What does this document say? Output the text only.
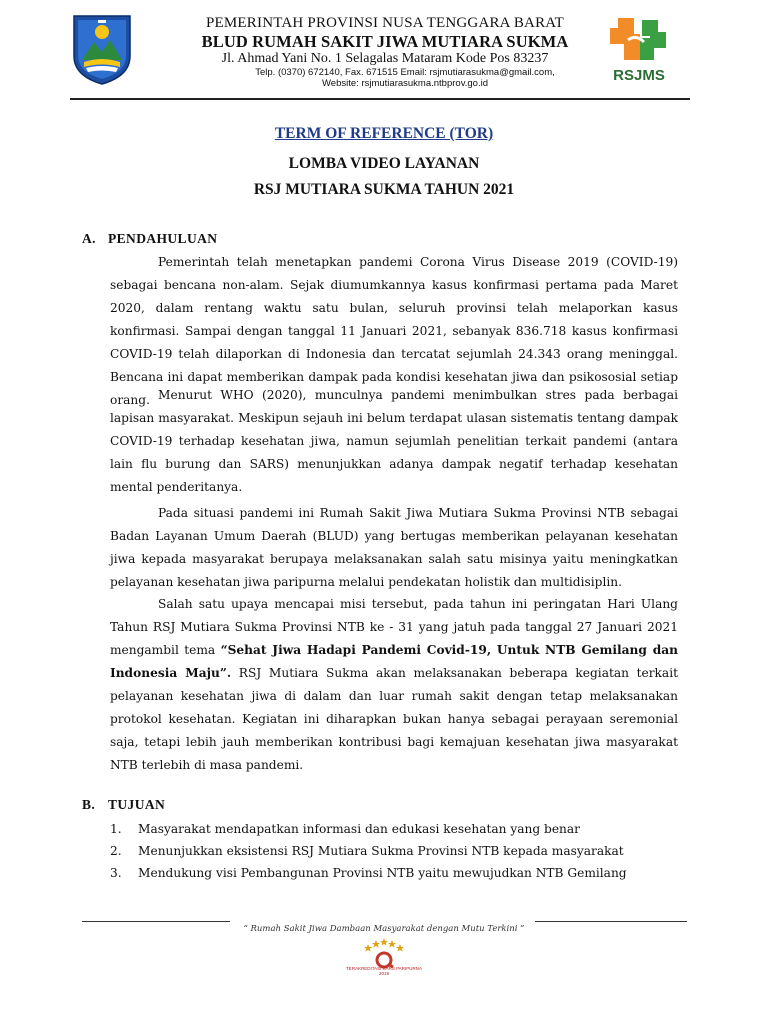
PEMERINTAH PROVINSI NUSA TENGGARA BARAT
BLUD RUMAH SAKIT JIWA MUTIARA SUKMA
Jl. Ahmad Yani No. 1 Selagalas Mataram Kode Pos 83237
Telp. (0370) 672140, Fax. 671515 Email: rsjmutiarasukma@gmail.com,
Website: rsjmutiarasukma.ntbprov.go.id	RSJMS
TERM OF REFERENCE (TOR)
LOMBA VIDEO LAYANAN
RSJ MUTIARA SUKMA TAHUN 2021
A. PENDAHULUAN

Pemerintah telah menetapkan pandemi Corona Virus Disease 2019 (COVID-19) sebagai bencana non-alam. Sejak diumumkannya kasus konfirmasi pertama pada Maret 2020, dalam rentang waktu satu bulan, seluruh provinsi telah melaporkan kasus konfirmasi. Sampai dengan tanggal 11 Januari 2021, sebanyak 836.718 kasus konfirmasi COVID-19 telah dilaporkan di Indonesia dan tercatat sejumlah 24.343 orang meninggal. Bencana ini dapat memberikan dampak pada kondisi kesehatan jiwa dan psikososial setiap orang. Menurut WHO (2020), munculnya pandemi menimbulkan stres pada berbagai lapisan masyarakat. Meskipun sejauh ini belum terdapat ulasan sistematis tentang dampak COVID-19 terhadap kesehatan jiwa, namun sejumlah penelitian terkait pandemi (antara lain flu burung dan SARS) menunjukkan adanya dampak negatif terhadap kesehatan mental penderitanya.

Pada situasi pandemi ini Rumah Sakit Jiwa Mutiara Sukma Provinsi NTB sebagai Badan Layanan Umum Daerah (BLUD) yang bertugas memberikan pelayanan kesehatan jiwa kepada masyarakat berupaya melaksanakan salah satu misinya yaitu meningkatkan pelayanan kesehatan jiwa paripurna melalui pendekatan holistik dan multidisiplin.

Salah satu upaya mencapai misi tersebut, pada tahun ini peringatan Hari Ulang Tahun RSJ Mutiara Sukma Provinsi NTB ke - 31 yang jatuh pada tanggal 27 Januari 2021 mengambil tema “Sehat Jiwa Hadapi Pandemi Covid-19, Untuk NTB Gemilang dan Indonesia Maju”. RSJ Mutiara Sukma akan melaksanakan beberapa kegiatan terkait pelayanan kesehatan jiwa di dalam dan luar rumah sakit dengan tetap melaksanakan protokol kesehatan. Kegiatan ini diharapkan bukan hanya sebagai perayaan seremonial saja, tetapi lebih jauh memberikan kontribusi bagi kemajuan kesehatan jiwa masyarakat NTB terlebih di masa pandemi.

B. TUJUAN
1. Masyarakat mendapatkan informasi dan edukasi kesehatan yang benar
2. Menunjukkan eksistensi RSJ Mutiara Sukma Provinsi NTB kepada masyarakat
3. Mendukung visi Pembangunan Provinsi NTB yaitu mewujudkan NTB Gemilang
“ Rumah Sakit Jiwa Dambaan Masyarakat dengan Mutu Terkini ”
TERAKREDITASI KARS PARIPURNA
2019
